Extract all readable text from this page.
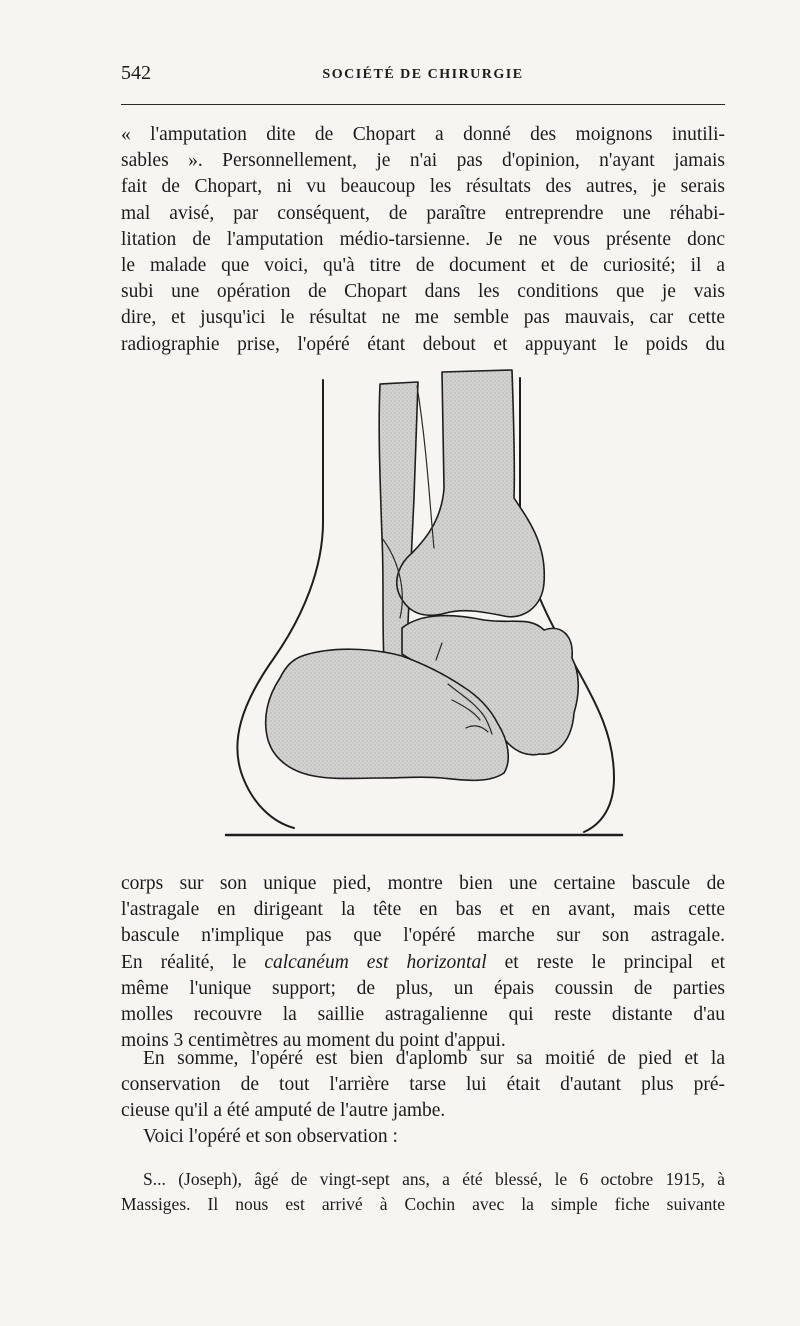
542	SOCIÉTÉ DE CHIRURGIE
« l'amputation dite de Chopart a donné des moignons inutili-
sables ». Personnellement, je n'ai pas d'opinion, n'ayant jamais
fait de Chopart, ni vu beaucoup les résultats des autres, je serais
mal avisé, par conséquent, de paraître entreprendre une réhabi-
litation de l'amputation médio-tarsienne. Je ne vous présente donc
le malade que voici, qu'à titre de document et de curiosité; il a
subi une opération de Chopart dans les conditions que je vais
dire, et jusqu'ici le résultat ne me semble pas mauvais, car cette
radiographie prise, l'opéré étant debout et appuyant le poids du
corps sur son unique pied, montre bien une certaine bascule de
l'astragale en dirigeant la tête en bas et en avant, mais cette
bascule n'implique pas que l'opéré marche sur son astragale.
En réalité, le calcanéum est horizontal et reste le principal et
même l'unique support; de plus, un épais coussin de parties
molles recouvre la saillie astragalienne qui reste distante d'au
moins 3 centimètres au moment du point d'appui.
En somme, l'opéré est bien d'aplomb sur sa moitié de pied et la
conservation de tout l'arrière tarse lui était d'autant plus pré-
cieuse qu'il a été amputé de l'autre jambe.
Voici l'opéré et son observation :
S... (Joseph), âgé de vingt-sept ans, a été blessé, le 6 octobre 1915, à
Massiges. Il nous est arrivé à Cochin avec la simple fiche suivante
